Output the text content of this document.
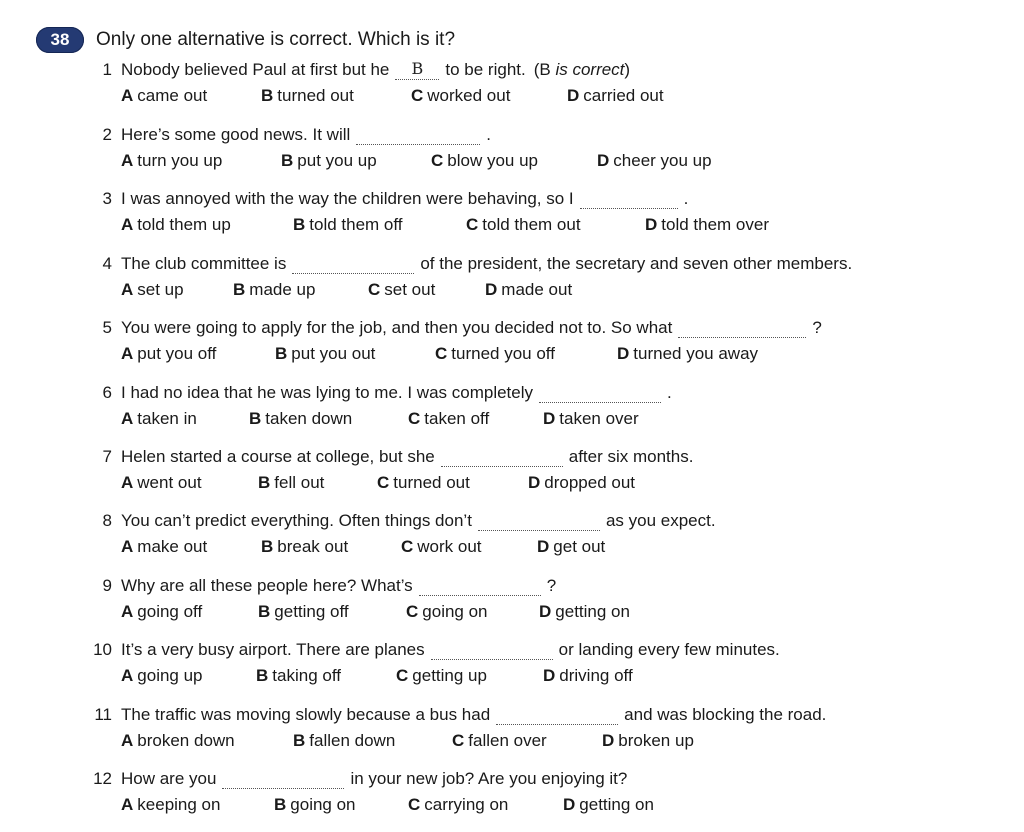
38	Only one alternative is correct. Which is it?
1 Nobody believed Paul at first but he	B	to be right. (B is correct)
A came out	B turned out	C worked out	D carried out
2 Here’s some good news. It will	.
A turn you up	B put you up	C blow you up	D cheer you up
3 I was annoyed with the way the children were behaving, so I	.
A told them up	B told them off	C told them out	D told them over
4 The club committee is	of the president, the secretary and seven other members.
A set up	B made up	C set out	D made out
5 You were going to apply for the job, and then you decided not to. So what	?
A put you off	B put you out	C turned you off	D turned you away
6 I had no idea that he was lying to me. I was completely	.
A taken in	B taken down	C taken off	D taken over
7 Helen started a course at college, but she	after six months.
A went out	B fell out	C turned out	D dropped out
8 You can’t predict everything. Often things don’t	as you expect.
A make out	B break out	C work out	D get out
9 Why are all these people here? What’s	?
A going off	B getting off	C going on	D getting on
10 It’s a very busy airport. There are planes	or landing every few minutes.
A going up	B taking off	C getting up	D driving off
11 The traffic was moving slowly because a bus had	and was blocking the road.
A broken down	B fallen down	C fallen over	D broken up
12 How are you	in your new job? Are you enjoying it?
A keeping on	B going on	C carrying on	D getting on
